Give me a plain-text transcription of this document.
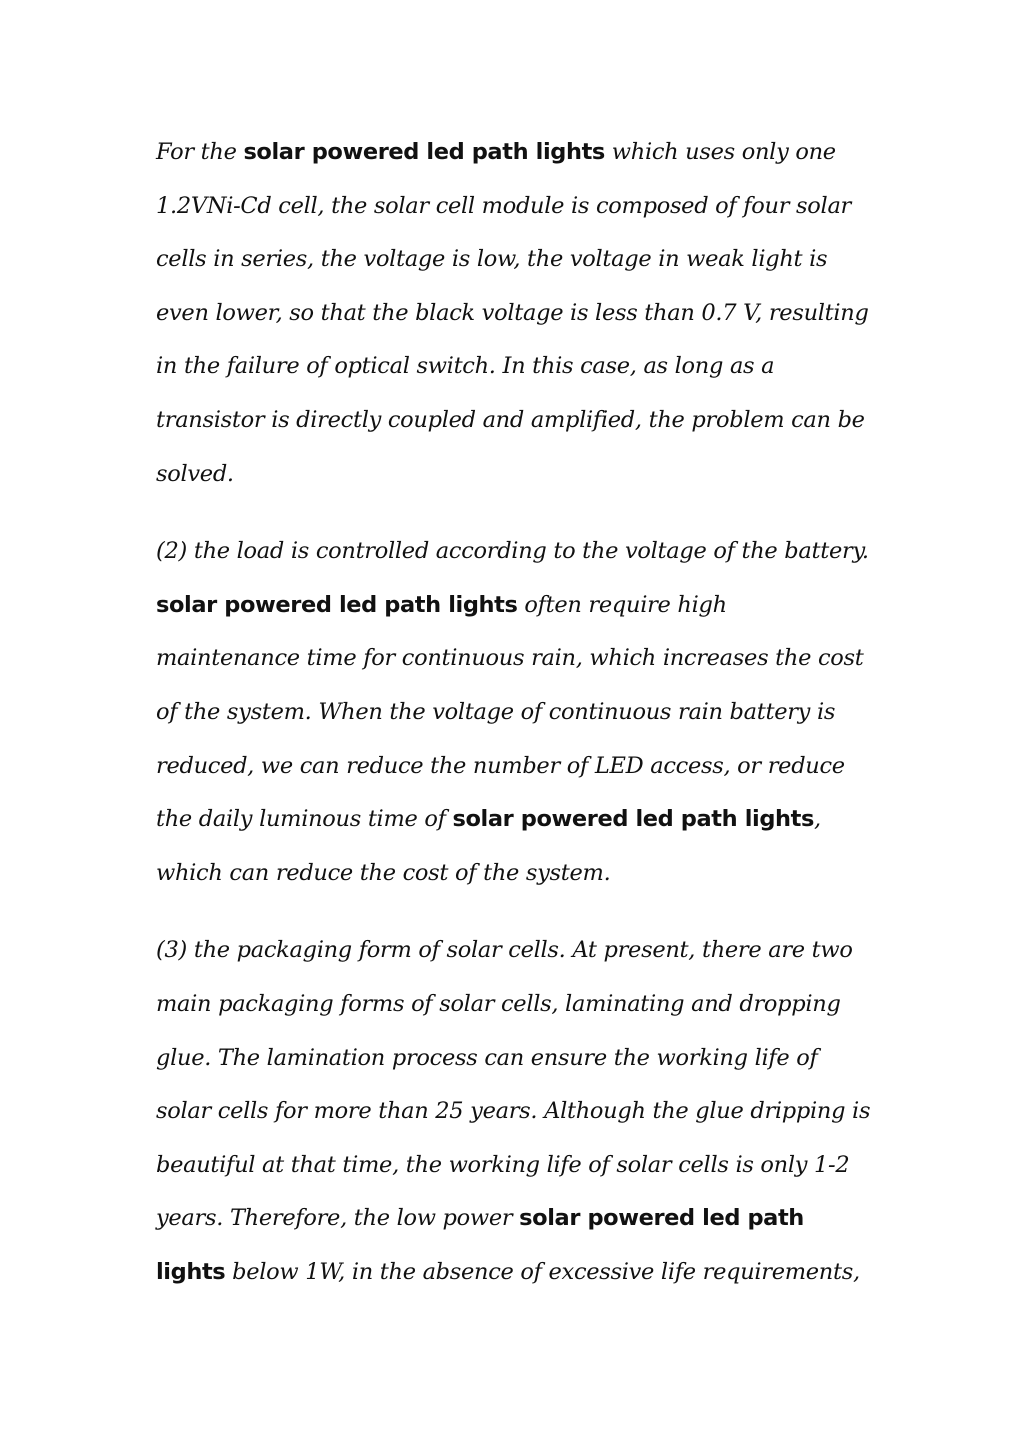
For the solar powered led path lights which uses only one 1.2VNi-Cd cell, the solar cell module is composed of four solar cells in series, the voltage is low, the voltage in weak light is even lower, so that the black voltage is less than 0.7 V, resulting in the failure of optical switch. In this case, as long as a transistor is directly coupled and amplified, the problem can be solved.

(2) the load is controlled according to the voltage of the battery. solar powered led path lights often require high maintenance time for continuous rain, which increases the cost of the system. When the voltage of continuous rain battery is reduced, we can reduce the number of LED access, or reduce the daily luminous time of solar powered led path lights, which can reduce the cost of the system.

(3) the packaging form of solar cells. At present, there are two main packaging forms of solar cells, laminating and dropping glue. The lamination process can ensure the working life of solar cells for more than 25 years. Although the glue dripping is beautiful at that time, the working life of solar cells is only 1-2 years. Therefore, the low power solar powered led path lights below 1W, in the absence of excessive life requirements,
